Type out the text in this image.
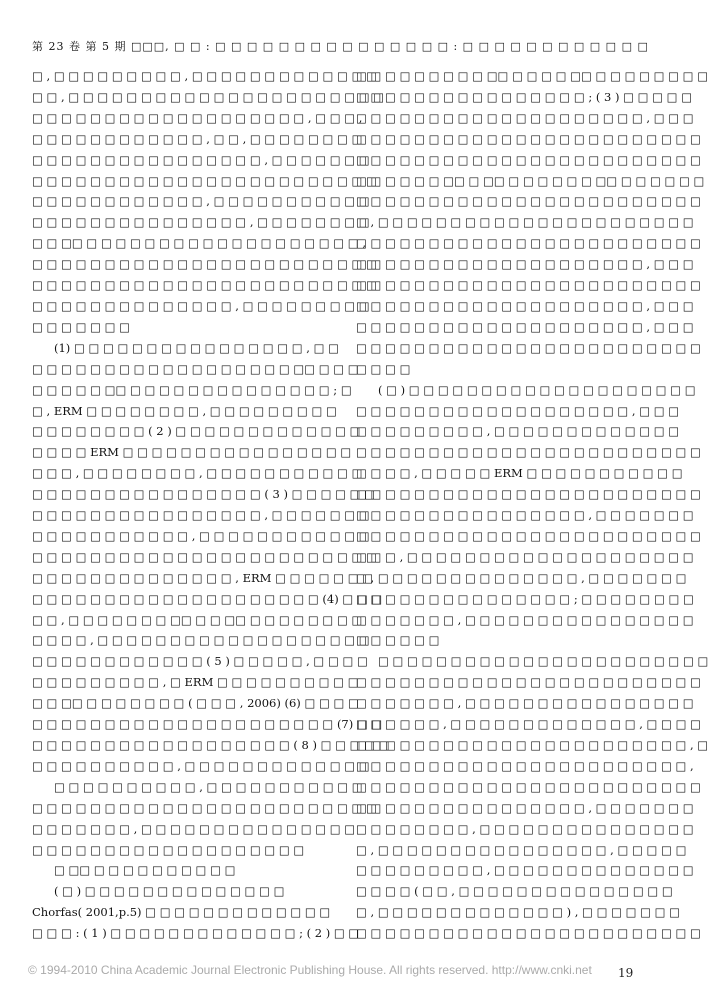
第 23 卷 第 5 期 □□□, □ □ : □ □ □ □ □ □ □ □ □ □ □ □ □ □ □ : □ □ □ □ □ □ □ □ □ □ □ □

□ , □ □ □ □ □ □ □ □ □ , □ □ □ □ □ □ □ □ □ □ □ □ □

□ □ , □ □ □ □ □ □ □ □ □ □ □ □ □ □ □ □ □ □ □ □ □ □

□ □ □ □ □ □ □ □ □ □ □ □ □ □ □ □ □ □ □ , □ □ □ ,

□ □ □ □ □ □ □ □ □ □ □ □ , □ □ , □ □ □ □ □ □ □ □

□ □ □ □ □ □ □ □ □ □ □ □ □ □ □ □ , □ □ □ □ □ □ □

□ □ □ □ □ □ □ □ □ □ □ □ □ □ □ □ □ □ □ □ □ □ □ □

□ □ □ □ □ □ □ □ □ □ □ □ , □ □ □ □ □ □ □ □ □ □ □

□ □ □ □ □ □ □ □ □ □ □ □ □ □ □ , □ □ □ □ □ □ □ □

□ □ □□ □ □ □ □ □ □ □ □ □ □ □ □ □ □ □ □ □ □ □ ,

□ □ □ □ □ □ □ □ □ □ □ □ □ □ □ □ □ □ □ □ □ □ □ □

□ □ □ □ □ □ □ □ □ □ □ □ □ □ □ □ □ □ □ □ □ □ □ □

□ □ □ □ □ □ □ □ □ □ □ □ □ □ , □ □ □ □ □ □ □ □ □

□ □ □ □ □ □ □

(1) □ □ □ □ □ □ □ □ □ □ □ □ □ □ □ □ , □ □

□ □ □ □ □ □ □ □ □ □ □ □ □ □ □ □ □ □ □□ □ □ □

□ □ □ □ □ □□ □ □ □ □ □ □ □ □ □ □ □ □ □ □ ; □

□ , ERM □ □ □ □ □ □ □ □ , □ □ □ □ □ □ □ □ □

□ □ □ □ □ □ □ □ ( 2 ) □ □ □ □ □ □ □ □ □ □ □ □ □

□ □ □ □ ERM □ □ □ □ □ □ □ □ □ □ □ □ □ □ □ □

□ □ □ , □ □ □ □ □ □ □ □ , □ □ □ □ □ □ □ □ □ □ □

□ □ □ □ □ □ □ □ □ □ □ □ □ □ □ □ ( 3 ) □ □ □ □ □ □

□ □ □ □ □ □ □ □ □ □ □ □ □ □ □ □ , □ □ □ □ □ □ □

□ □ □ □ □ □ □ □ □ □ □ , □ □ □ □ □ □ □ □ □ □ □ □

□ □ □ □ □ □ □ □ □ □ □ □ □ □ □ □ □ □ □ □ □ □ □ □

□ □ □ □ □ □ □ □ □ □ □ □ □ □ , ERM □ □ □ □ □ □ □

□ □ □ □ □ □ □ □ □ □ □ □ □ □ □ □ □ □ □ □ (4) □ □ □

□ □ , □ □ □ □ □ □ □ □□ □ □ □□ □ □ □ □ □ □ □ □

□ □ □ □ , □ □ □ □ □ □ □ □ □ □ □ □ □ □ □ □ □ □ □

□ □ □ □ □ □ □ □ □ □ □ □ ( 5 ) □ □ □ □ □ , □ □ □ □

□ □ □ □ □ □ □ □ □ , □ ERM □ □ □ □ □ □ □ □ □ □

□ □ □□ □ □ □ □ □ □ □ ( □ □ □ , 2006) (6) □ □ □ □

□ □ □ □ □ □ □ □ □ □ □ □ □ □ □ □ □ □ □ □ □ (7) □ □

□ □ □ □ □ □ □ □ □ □ □ □ □ □ □ □ □ □ ( 8 ) □ □ □ □ □

□ □ □ □ □ □ □ □ □ □ , □ □ □ □ □ □ □ □ □ □ □ □ □

□ □ □ □ □ □ □ □ □ □ , □ □ □ □ □ □ □ □ □ □ □

□ □ □ □ □ □ □ □ □ □ □ □ □ □ □ □ □ □ □ □ □ □ □ □

□ □ □ □ □ □ □ , □ □ □ □ □ □ □ □ □ □ □ □ □ □ □

□ □ □ □ □ □ □ □ □ □ □ □ □ □ □ □ □ □ □

□ □□ □ □ □ □ □ □ □ □ □ □

( □ ) □ □ □ □ □ □ □ □ □ □ □ □ □ □

Chorfas( 2001,p.5) □ □ □ □ □ □ □ □ □ □ □ □ □

□ □ □ : ( 1 ) □ □ □ □ □ □ □ □ □ □ □ □ □ ; ( 2 ) □ □

□ □ □ □ □ □ □ □ □ □□ □ □ □ □ □□ □ □ □ □ □ □ □ □

□ □ □ □ □ □ □ □ □ □ □ □ □ □ □ □ ; ( 3 ) □ □ □ □ □

□ □ □ □ □ □ □ □ □ □ □ □ □ □ □ □ □ □ □ □ , □ □ □

□ □ □ □ □ □ □ □ □ □ □ □ □ □ □ □ □ □ □ □ □ □ □ □

□ □ □ □ □ □ □ □ □ □ □ □ □ □ □ □ □ □ □ □ □ □ □ □

□ □ □ □ □ □ □□ □ □□ □ □ □ □ □ □ □□ □ □ □ □ □ □

□ □ □ □ □ □ □ □ □ □ □ □ □ □ □ □ □ □ □ □ □ □ □ □

□ , □ □ □ □ □ □ □ □ □ □ □ □ □ □ □ □ □ □ □ □ □ □

□ □ □ □ □ □ □ □ □ □ □ □ □ □ □ □ □ □ □ □ □ □ □ □

□ □ □ □ □ □ □ □ □ □ □ □ □ □ □ □ □ □ □ □ , □ □ □

□ □ □ □ □ □ □ □ □ □ □ □ □ □ □ □ □ □ □ □ □ □ □ □

□ □ □ □ □ □ □ □ □ □ □ □ □ □ □ □ □ □ □ □ , □ □ □

□ □ □ □ □ □ □ □ □ □ □ □ □ □ □ □ □ □ □ □ , □ □ □

□ □ □ □ □ □ □ □ □ □ □ □ □ □ □ □ □ □ □ □ □ □ □ □

□ □ □ □

( □ ) □ □ □ □ □ □ □ □ □ □ □ □ □ □ □ □ □ □ □ □

□ □ □ □ □ □ □ □ □ □ □ □ □ □ □ □ □ □ □ , □ □ □

□ □ □ □ □ □ □ □ □ , □ □ □ □ □ □ □ □ □ □ □ □ □

□ □ □ □ □ □ □ □ □ □ □ □ □ □ □ □ □ □ □ □ □ □ □ □

□ □ □ □ , □ □ □ □ □ ERM □ □ □ □ □ □ □ □ □ □ □

□ □ □ □ □ □ □ □ □ □ □ □ □ □ □ □ □ □ □ □ □ □ □ □

□ □ □ □ □ □ □ □ □ □ □ □ □ □ □ □ , □ □ □ □ □ □ □

□ □ □ □ □ □ □ □ □ □ □ □ □ □ □ □ □ □ □ □ □ □ □ □

□ □ □ , □ □ □ □ □ □ □ □ □ □ □ □ □ □ □ □ □ □ □ □

□ , □ □ □ □ □ □ □ □ □ □ □ □ □ □ , □ □ □ □ □ □ □

□ □ □ □ □ □ □ □ □ □ □ □ □ □ □ ; □ □ □ □ □ □ □ □

□ □ □ □ □ □ □ , □ □ □ □ □ □ □ □ □ □ □ □ □ □ □ □

□ □ □ □ □ □

□ □ □ □ □ □ □ □ □ □ □ □ □ □ □ □ □ □ □ □ □ □ □

□ □ □ □ □ □ □ □ □ □ □ □ □ □ □ □ □ □ □ □ □ □ □ □

□ □ □ □ □ □ □ , □ □ □ □ □ □ □ □ □ □ □ □ □ □ □ □

□ □ □ □ □ □ , □ □ □ □ □ □ □ □ □ □ □ □ □ , □ □ □ □

□ □ □ □ □ □ □ □ □ □ □ □ □ □ □ □ □ □ □ □ □ □ □ , □

□ □ □ □ □ □ □ □ □ □ □ □ □ □ □ □ □ □ □ □ □ □ □ ,

□ □ □ □ □ □ □ □ □ □ □ □ □ □ □ □ □ □ □ □ □ □ □ □

□ □ □ □ □ □ □ □ □ □ □ □ □ □ □ □ , □ □ □ □ □ □ □

□ □ □ □ □ □ □ □ , □ □ □ □ □ □ □ □ □ □ □ □ □ □ □

□ , □ □ □ □ □ □ □ □ □ □ □ □ □ □ □ □ , □ □ □ □ □

□ □ □ □ □ □ □ □ □ , □ □ □ □ □ □ □ □ □ □ □ □ □ □

□ □ □ □ ( □ □ , □ □ □ □ □ □ □ □ □ □ □ □ □ □ □

□ , □ □ □ □ □ □ □ □ □ □ □ □ □ ) , □ □ □ □ □ □ □

□ □ □ □ □ □ □ □ □ □ □ □ □ □ □ □ □ □ □ □ □ □ □ □

© 1994-2010 China Academic Journal Electronic Publishing House. All rights reserved. http://www.cnki.net 19
